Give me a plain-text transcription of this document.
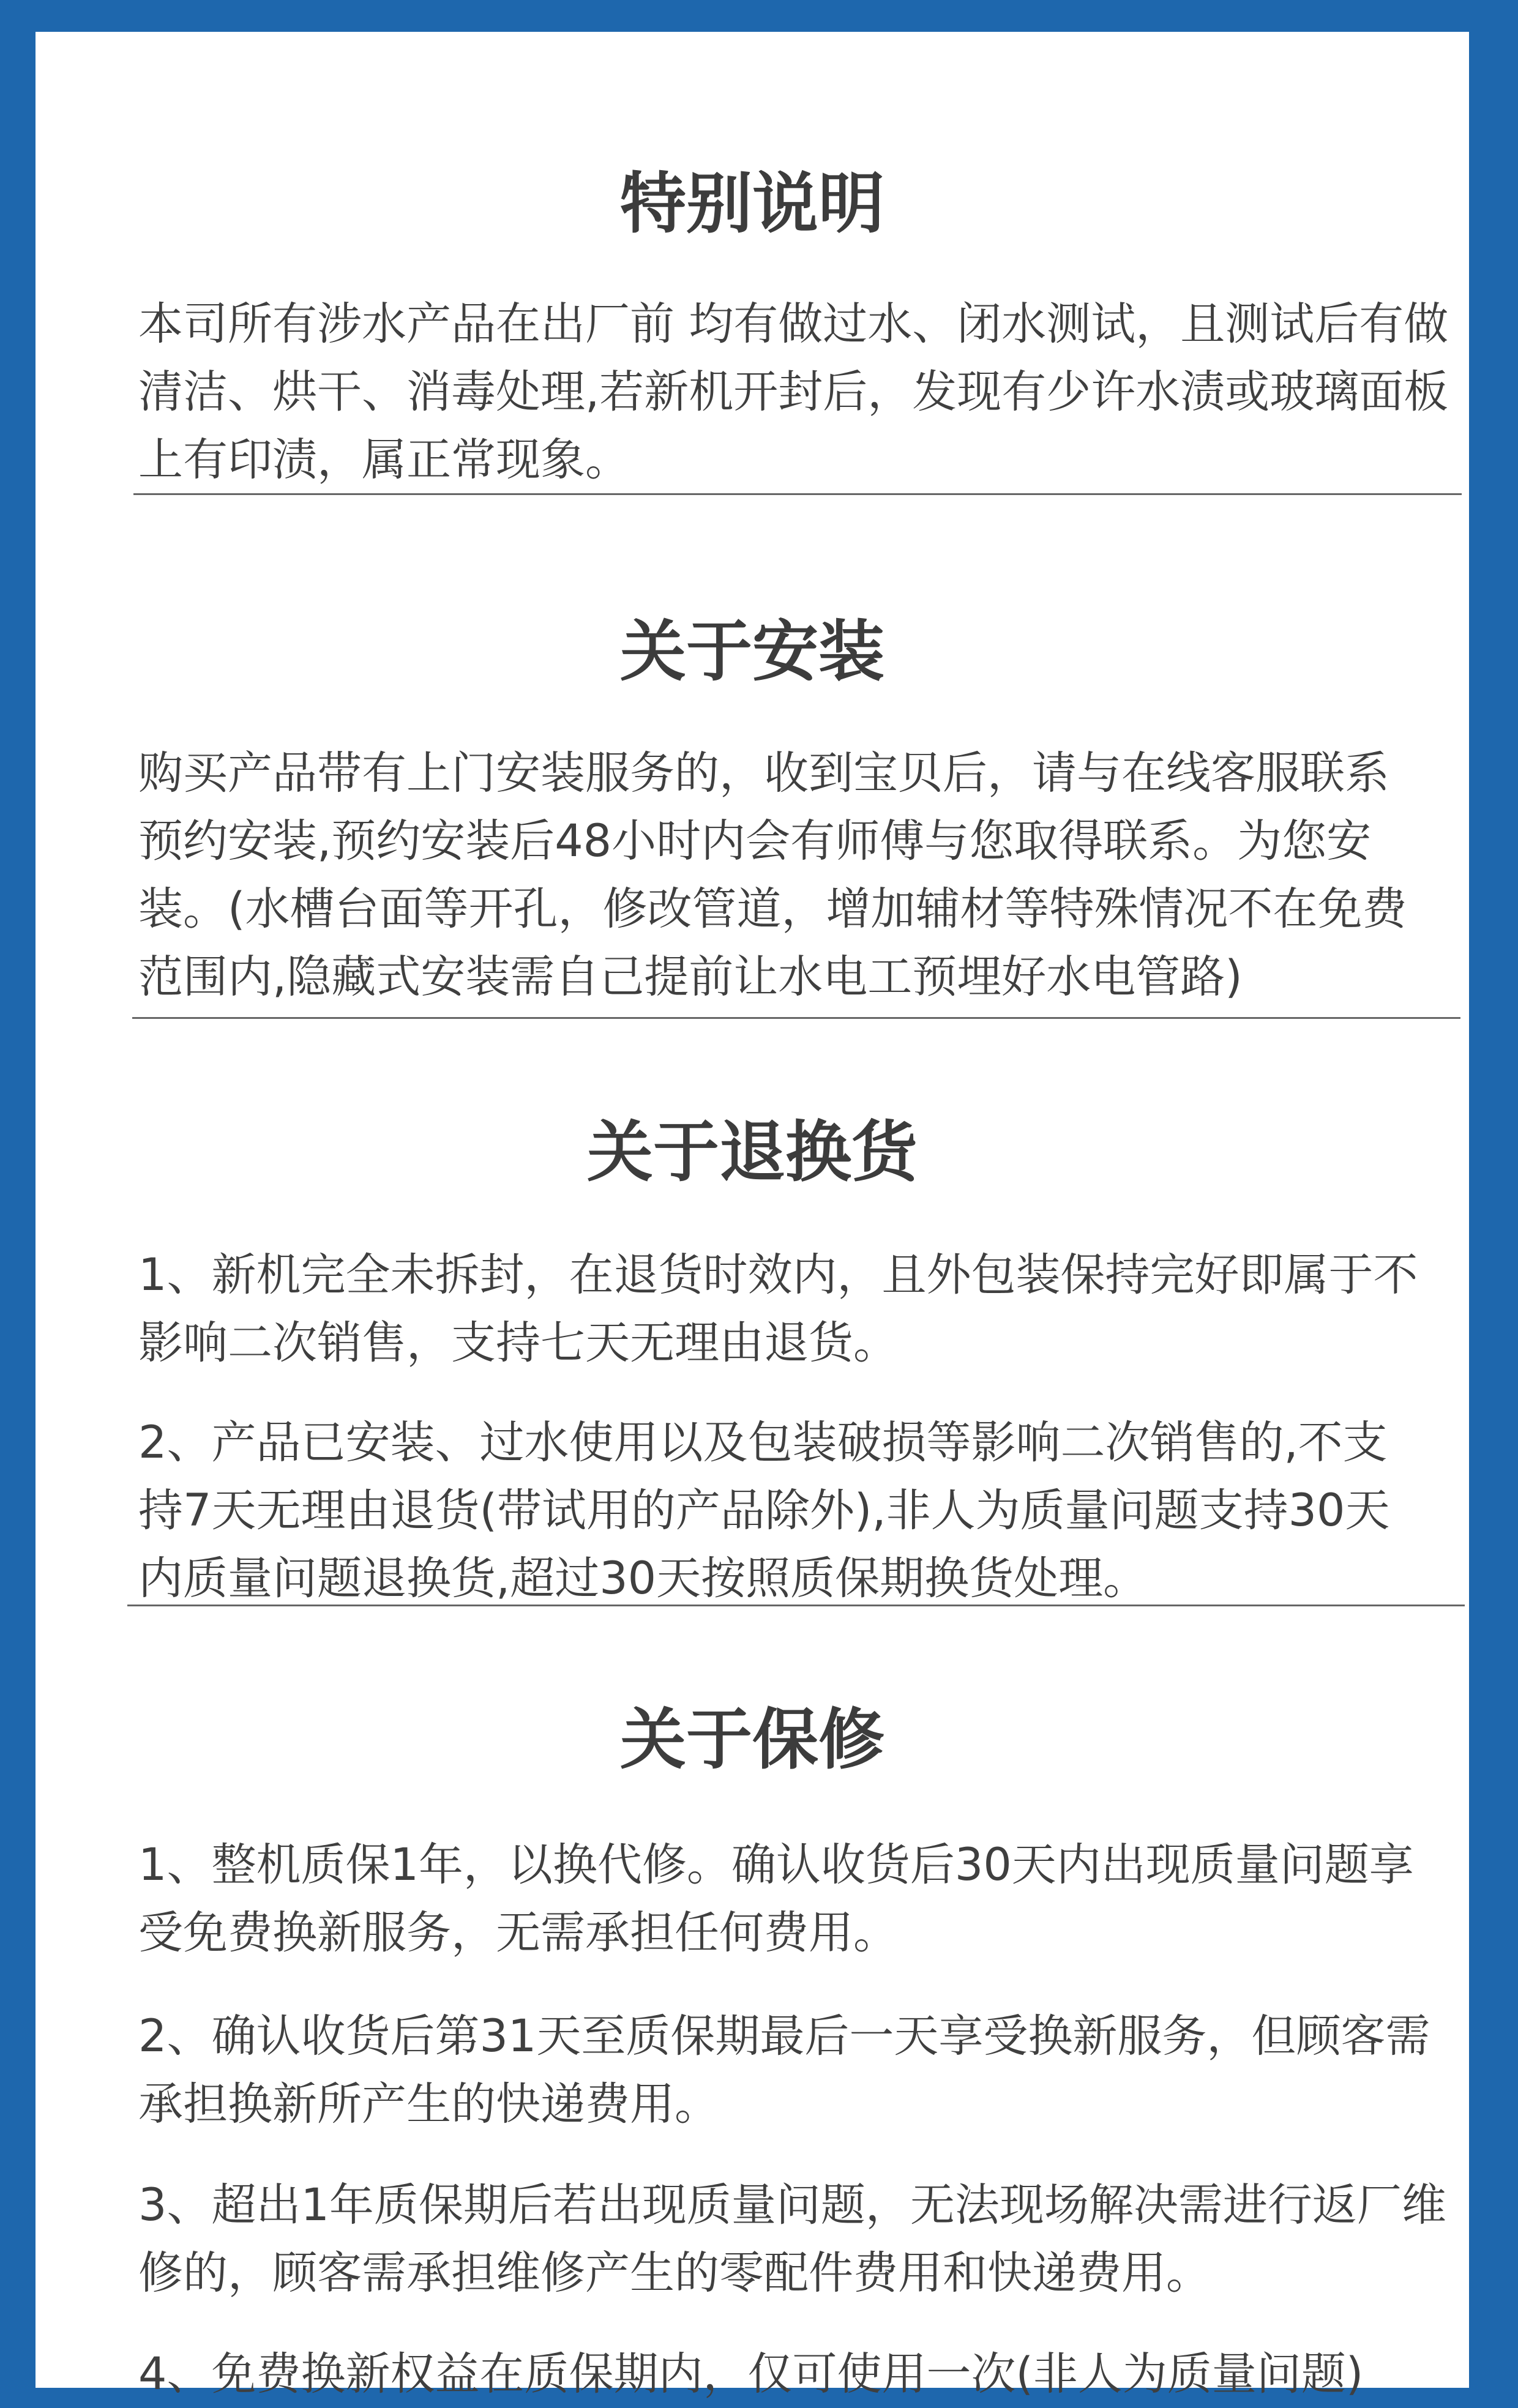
特别说明

本司所有涉水产品在出厂前 均有做过水、闭水测试，且测试后有做清洁、烘干、消毒处理,若新机开封后，发现有少许水渍或玻璃面板上有印渍，属正常现象。

关于安装

购买产品带有上门安装服务的，收到宝贝后，请与在线客服联系预约安装,预约安装后48小时内会有师傅与您取得联系。为您安装。(水槽台面等开孔，修改管道，增加辅材等特殊情况不在免费范围内,隐藏式安装需自己提前让水电工预埋好水电管路)

关于退换货

1、新机完全未拆封，在退货时效内，且外包装保持完好即属于不影响二次销售，支持七天无理由退货。

2、产品已安装、过水使用以及包装破损等影响二次销售的,不支持7天无理由退货(带试用的产品除外),非人为质量问题支持30天内质量问题退换货,超过30天按照质保期换货处理。

关于保修

1、整机质保1年，以换代修。确认收货后30天内出现质量问题享受免费换新服务，无需承担任何费用。

2、确认收货后第31天至质保期最后一天享受换新服务，但顾客需承担换新所产生的快递费用。

3、超出1年质保期后若出现质量问题，无法现场解决需进行返厂维修的，顾客需承担维修产生的零配件费用和快递费用。

4、免费换新权益在质保期内，仅可使用一次(非人为质量问题)
